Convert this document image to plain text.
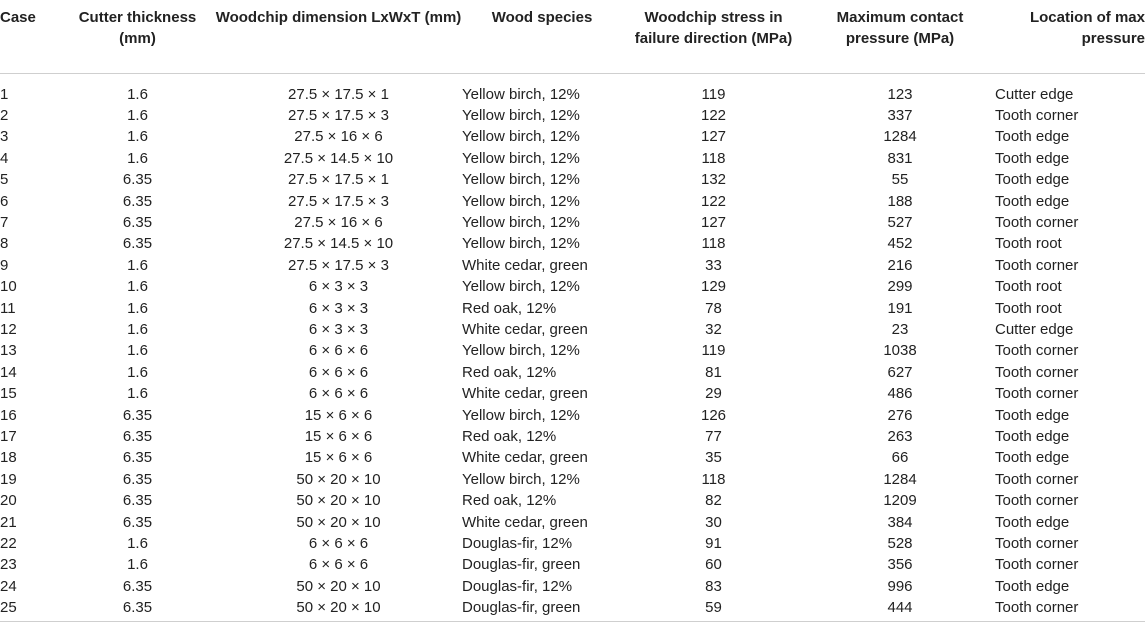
Case	Cutter thickness (mm)	Woodchip dimension LxWxT (mm)	Wood species	Woodchip stress in failure direction (MPa)	Maximum contact pressure (MPa)	Location of max pressure
1	1.6	27.5 × 17.5 × 1	Yellow birch, 12%	119	123	Cutter edge
2	1.6	27.5 × 17.5 × 3	Yellow birch, 12%	122	337	Tooth corner
3	1.6	27.5 × 16 × 6	Yellow birch, 12%	127	1284	Tooth edge
4	1.6	27.5 × 14.5 × 10	Yellow birch, 12%	118	831	Tooth edge
5	6.35	27.5 × 17.5 × 1	Yellow birch, 12%	132	55	Tooth edge
6	6.35	27.5 × 17.5 × 3	Yellow birch, 12%	122	188	Tooth edge
7	6.35	27.5 × 16 × 6	Yellow birch, 12%	127	527	Tooth corner
8	6.35	27.5 × 14.5 × 10	Yellow birch, 12%	118	452	Tooth root
9	1.6	27.5 × 17.5 × 3	White cedar, green	33	216	Tooth corner
10	1.6	6 × 3 × 3	Yellow birch, 12%	129	299	Tooth root
11	1.6	6 × 3 × 3	Red oak, 12%	78	191	Tooth root
12	1.6	6 × 3 × 3	White cedar, green	32	23	Cutter edge
13	1.6	6 × 6 × 6	Yellow birch, 12%	119	1038	Tooth corner
14	1.6	6 × 6 × 6	Red oak, 12%	81	627	Tooth corner
15	1.6	6 × 6 × 6	White cedar, green	29	486	Tooth corner
16	6.35	15 × 6 × 6	Yellow birch, 12%	126	276	Tooth edge
17	6.35	15 × 6 × 6	Red oak, 12%	77	263	Tooth edge
18	6.35	15 × 6 × 6	White cedar, green	35	66	Tooth edge
19	6.35	50 × 20 × 10	Yellow birch, 12%	118	1284	Tooth corner
20	6.35	50 × 20 × 10	Red oak, 12%	82	1209	Tooth corner
21	6.35	50 × 20 × 10	White cedar, green	30	384	Tooth edge
22	1.6	6 × 6 × 6	Douglas-fir, 12%	91	528	Tooth corner
23	1.6	6 × 6 × 6	Douglas-fir, green	60	356	Tooth corner
24	6.35	50 × 20 × 10	Douglas-fir, 12%	83	996	Tooth edge
25	6.35	50 × 20 × 10	Douglas-fir, green	59	444	Tooth corner
